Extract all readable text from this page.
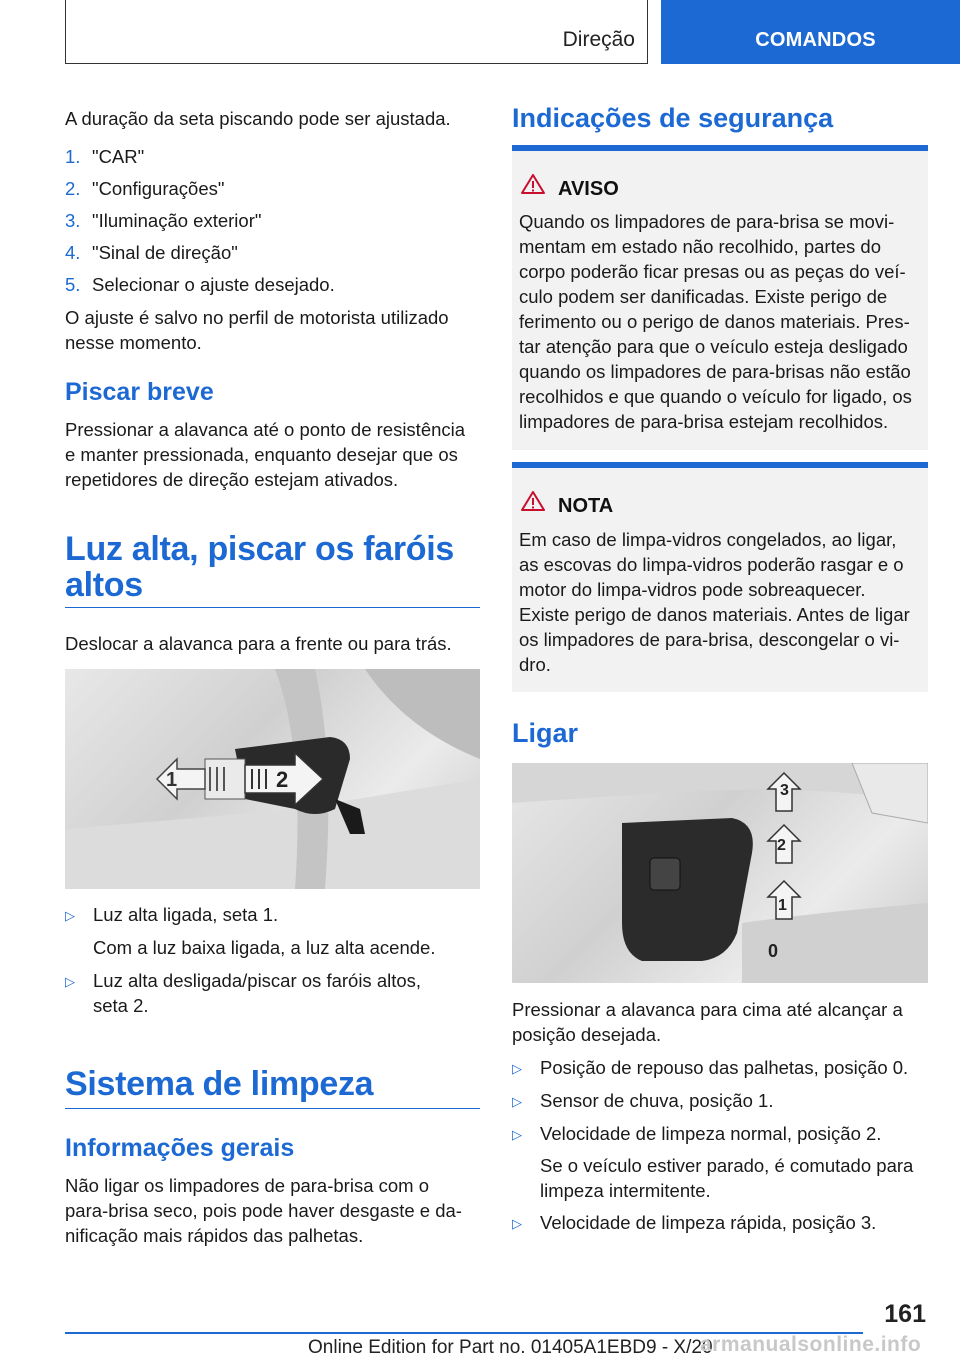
Direção	COMANDOS
A duração da seta piscando pode ser ajustada.
1. "CAR"
2. "Configurações"
3. "Iluminação exterior"
4. "Sinal de direção"
5. Selecionar o ajuste desejado.
O ajuste é salvo no perfil de motorista utilizado
nesse momento.
Piscar breve
Pressionar a alavanca até o ponto de resistência
e manter pressionada, enquanto desejar que os
repetidores de direção estejam ativados.
Luz alta, piscar os faróis
altos
Deslocar a alavanca para a frente ou para trás.
1	2
▷ Luz alta ligada, seta 1.
Com a luz baixa ligada, a luz alta acende.
▷ Luz alta desligada/piscar os faróis altos,
seta 2.
Sistema de limpeza
Informações gerais
Não ligar os limpadores de para-brisa com o
para-brisa seco, pois pode haver desgaste e da-
nificação mais rápidos das palhetas.
Indicações de segurança
AVISO
Quando os limpadores de para-brisa se movi-
mentam em estado não recolhido, partes do
corpo poderão ficar presas ou as peças do veí-
culo podem ser danificadas. Existe perigo de
ferimento ou o perigo de danos materiais. Pres-
tar atenção para que o veículo esteja desligado
quando os limpadores de para-brisas não estão
recolhidos e que quando o veículo for ligado, os
limpadores de para-brisa estejam recolhidos.
NOTA
Em caso de limpa-vidros congelados, ao ligar,
as escovas do limpa-vidros poderão rasgar e o
motor do limpa-vidros pode sobreaquecer.
Existe perigo de danos materiais. Antes de ligar
os limpadores de para-brisa, descongelar o vi-
dro.
Ligar
3
2
1
0
Pressionar a alavanca para cima até alcançar a
posição desejada.
▷ Posição de repouso das palhetas, posição 0.
▷ Sensor de chuva, posição 1.
▷ Velocidade de limpeza normal, posição 2.
Se o veículo estiver parado, é comutado para
limpeza intermitente.
▷ Velocidade de limpeza rápida, posição 3.
161
Online Edition for Part no. 01405A1EBD9 - X/20
armanualsonline.info
